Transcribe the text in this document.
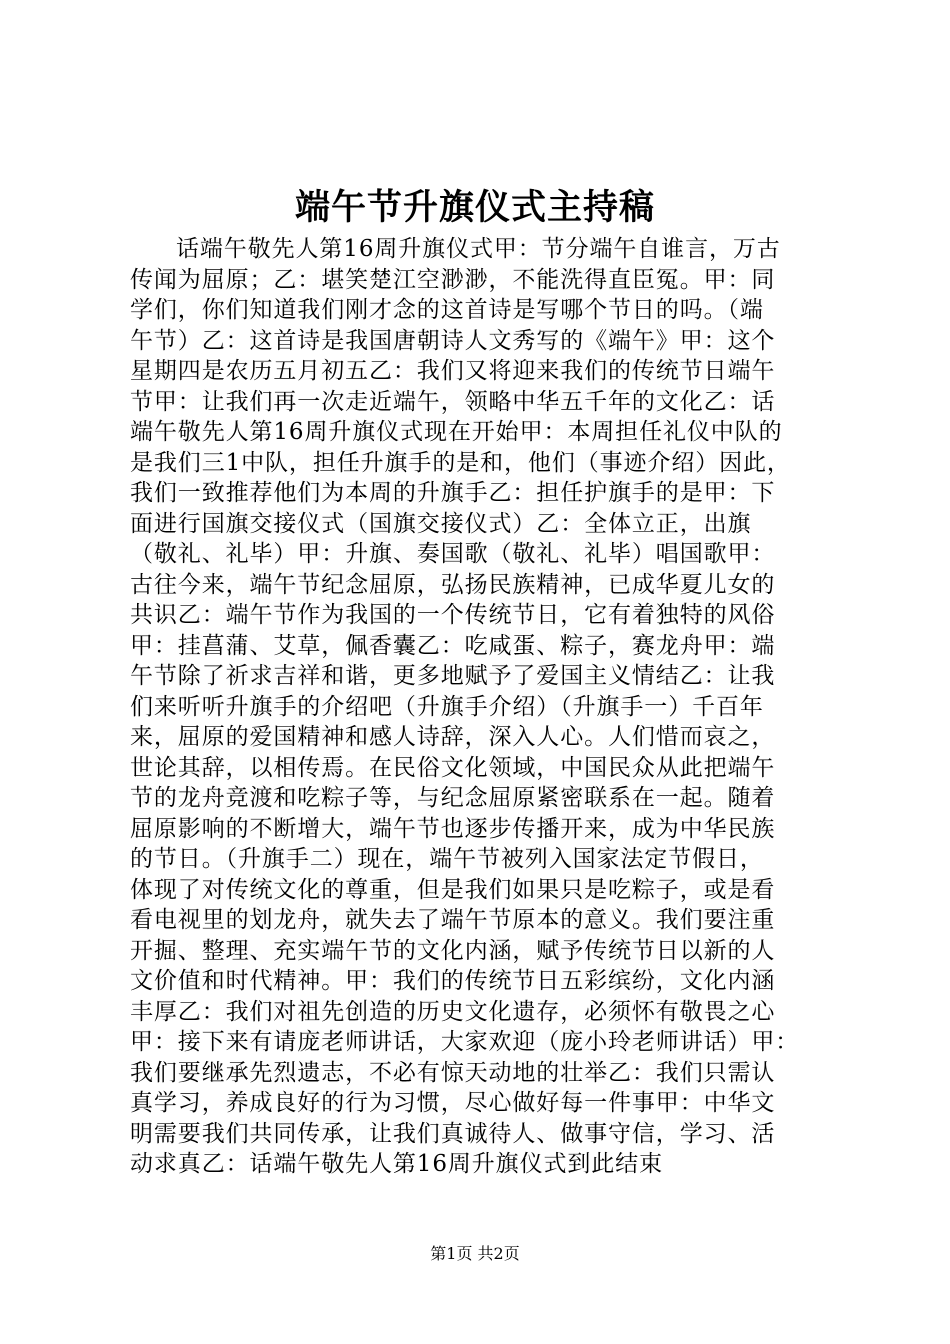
端午节升旗仪式主持稿
话端午敬先人第16周升旗仪式甲：节分端午自谁言，万古
传闻为屈原；乙：堪笑楚江空渺渺，不能洗得直臣冤。甲：同
学们，你们知道我们刚才念的这首诗是写哪个节日的吗。（端
午节）乙：这首诗是我国唐朝诗人文秀写的《端午》甲：这个
星期四是农历五月初五乙：我们又将迎来我们的传统节日端午
节甲：让我们再一次走近端午，领略中华五千年的文化乙：话
端午敬先人第16周升旗仪式现在开始甲：本周担任礼仪中队的
是我们三1中队，担任升旗手的是和，他们（事迹介绍）因此，
我们一致推荐他们为本周的升旗手乙：担任护旗手的是甲：下
面进行国旗交接仪式（国旗交接仪式）乙：全体立正，出旗
（敬礼、礼毕）甲：升旗、奏国歌（敬礼、礼毕）唱国歌甲：
古往今来，端午节纪念屈原，弘扬民族精神，已成华夏儿女的
共识乙：端午节作为我国的一个传统节日，它有着独特的风俗
甲：挂菖蒲、艾草，佩香囊乙：吃咸蛋、粽子，赛龙舟甲：端
午节除了祈求吉祥和谐，更多地赋予了爱国主义情结乙：让我
们来听听升旗手的介绍吧（升旗手介绍）（升旗手一）千百年
来，屈原的爱国精神和感人诗辞，深入人心。人们惜而哀之，
世论其辞，以相传焉。在民俗文化领域，中国民众从此把端午
节的龙舟竞渡和吃粽子等，与纪念屈原紧密联系在一起。随着
屈原影响的不断增大，端午节也逐步传播开来，成为中华民族
的节日。（升旗手二）现在，端午节被列入国家法定节假日，
体现了对传统文化的尊重，但是我们如果只是吃粽子，或是看
看电视里的划龙舟，就失去了端午节原本的意义。我们要注重
开掘、整理、充实端午节的文化内涵，赋予传统节日以新的人
文价值和时代精神。甲：我们的传统节日五彩缤纷，文化内涵
丰厚乙：我们对祖先创造的历史文化遗存，必须怀有敬畏之心
甲：接下来有请庞老师讲话，大家欢迎（庞小玲老师讲话）甲：
我们要继承先烈遗志，不必有惊天动地的壮举乙：我们只需认
真学习，养成良好的行为习惯，尽心做好每一件事甲：中华文
明需要我们共同传承，让我们真诚待人、做事守信，学习、活
动求真乙：话端午敬先人第16周升旗仪式到此结束
第1页 共2页
